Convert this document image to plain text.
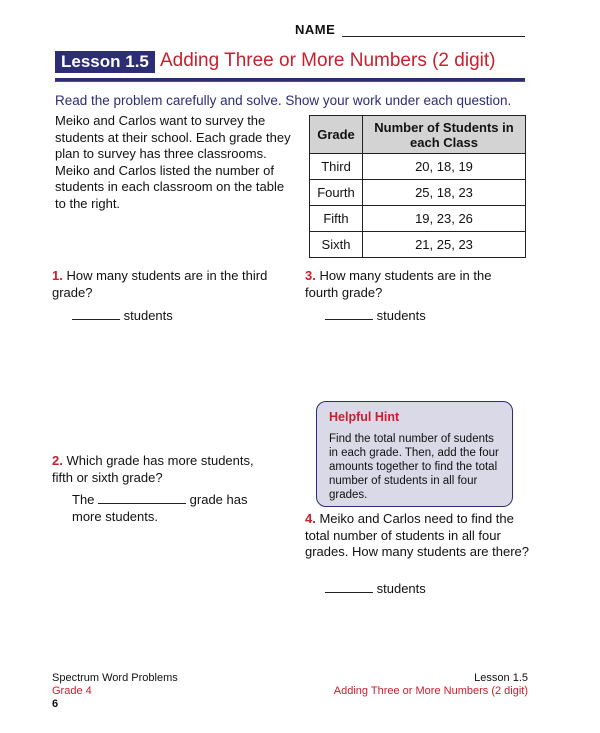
NAME
Lesson 1.5 Adding Three or More Numbers (2 digit)
Read the problem carefully and solve. Show your work under each question.
Meiko and Carlos want to survey the students at their school. Each grade they plan to survey has three classrooms. Meiko and Carlos listed the number of students in each classroom on the table to the right.
Grade	Number of Students in each Class
Third	20, 18, 19
Fourth	25, 18, 23
Fifth	19, 23, 26
Sixth	21, 25, 23
1. How many students are in the third grade?
students
2. Which grade has more students, fifth or sixth grade?
The	grade has
more students.
3. How many students are in the fourth grade?
students
Helpful Hint
Find the total number of sudents in each grade. Then, add the four amounts together to find the total number of students in all four grades.
4. Meiko and Carlos need to find the total number of students in all four grades. How many students are there?
students
Spectrum Word Problems
Grade 4
6
Lesson 1.5
Adding Three or More Numbers (2 digit)
